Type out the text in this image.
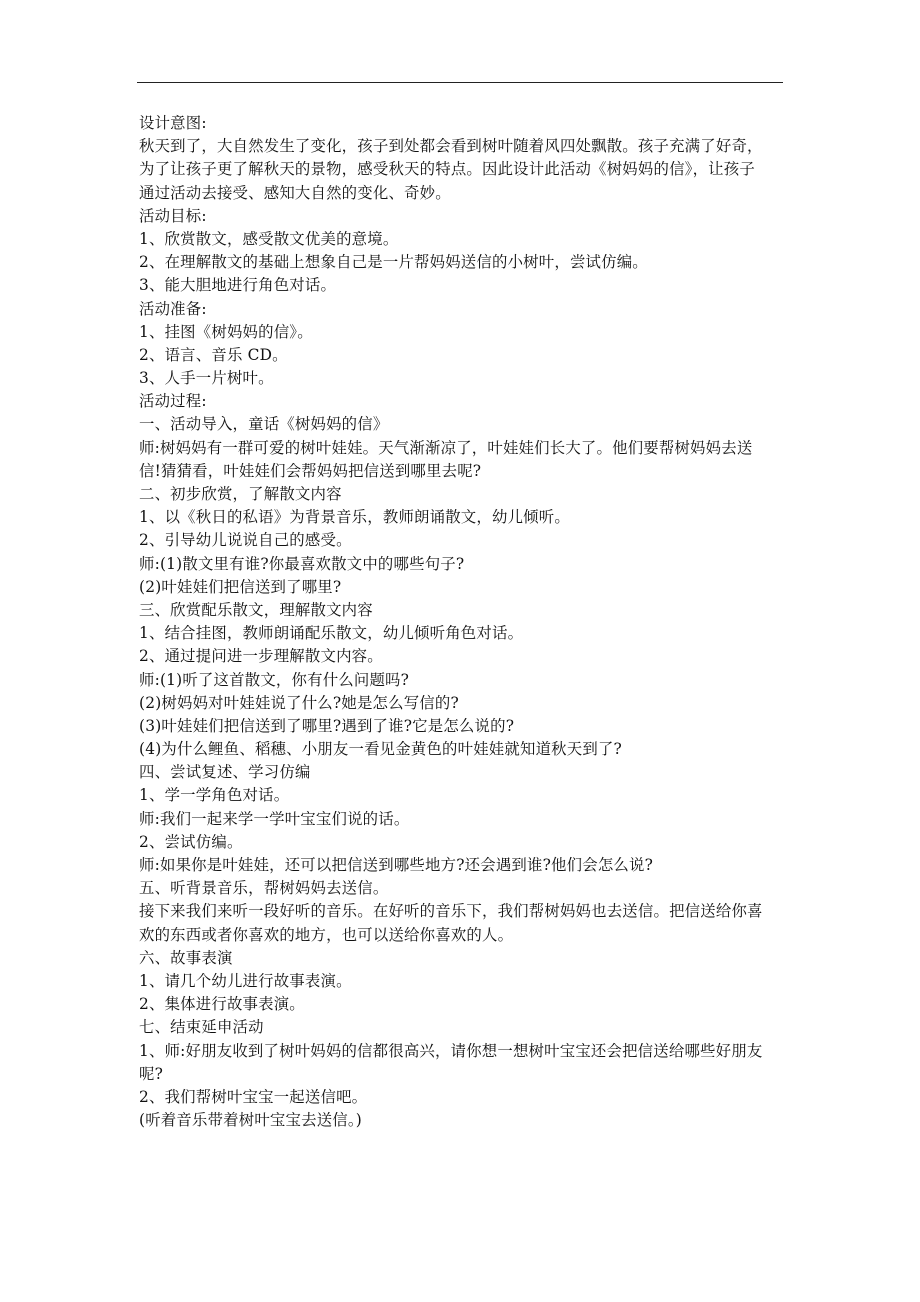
设计意图:
秋天到了，大自然发生了变化，孩子到处都会看到树叶随着风四处飘散。孩子充满了好奇，
为了让孩子更了解秋天的景物，感受秋天的特点。因此设计此活动《树妈妈的信》，让孩子
通过活动去接受、感知大自然的变化、奇妙。
活动目标:
1、欣赏散文，感受散文优美的意境。
2、在理解散文的基础上想象自己是一片帮妈妈送信的小树叶，尝试仿编。
3、能大胆地进行角色对话。
活动准备:
1、挂图《树妈妈的信》。
2、语言、音乐 CD。
3、人手一片树叶。
活动过程:
一、活动导入，童话《树妈妈的信》
师:树妈妈有一群可爱的树叶娃娃。天气渐渐凉了，叶娃娃们长大了。他们要帮树妈妈去送
信!猜猜看，叶娃娃们会帮妈妈把信送到哪里去呢?
二、初步欣赏，了解散文内容
1、以《秋日的私语》为背景音乐，教师朗诵散文，幼儿倾听。
2、引导幼儿说说自己的感受。
师:(1)散文里有谁?你最喜欢散文中的哪些句子?
(2)叶娃娃们把信送到了哪里?
三、欣赏配乐散文，理解散文内容
1、结合挂图，教师朗诵配乐散文，幼儿倾听角色对话。
2、通过提问进一步理解散文内容。
师:(1)听了这首散文，你有什么问题吗?
(2)树妈妈对叶娃娃说了什么?她是怎么写信的?
(3)叶娃娃们把信送到了哪里?遇到了谁?它是怎么说的?
(4)为什么鲤鱼、稻穗、小朋友一看见金黄色的叶娃娃就知道秋天到了?
四、尝试复述、学习仿编
1、学一学角色对话。
师:我们一起来学一学叶宝宝们说的话。
2、尝试仿编。
师:如果你是叶娃娃，还可以把信送到哪些地方?还会遇到谁?他们会怎么说?
五、听背景音乐，帮树妈妈去送信。
接下来我们来听一段好听的音乐。在好听的音乐下，我们帮树妈妈也去送信。把信送给你喜
欢的东西或者你喜欢的地方，也可以送给你喜欢的人。
六、故事表演
1、请几个幼儿进行故事表演。
2、集体进行故事表演。
七、结束延申活动
1、师:好朋友收到了树叶妈妈的信都很高兴，请你想一想树叶宝宝还会把信送给哪些好朋友
呢?
2、我们帮树叶宝宝一起送信吧。
(听着音乐带着树叶宝宝去送信。)
